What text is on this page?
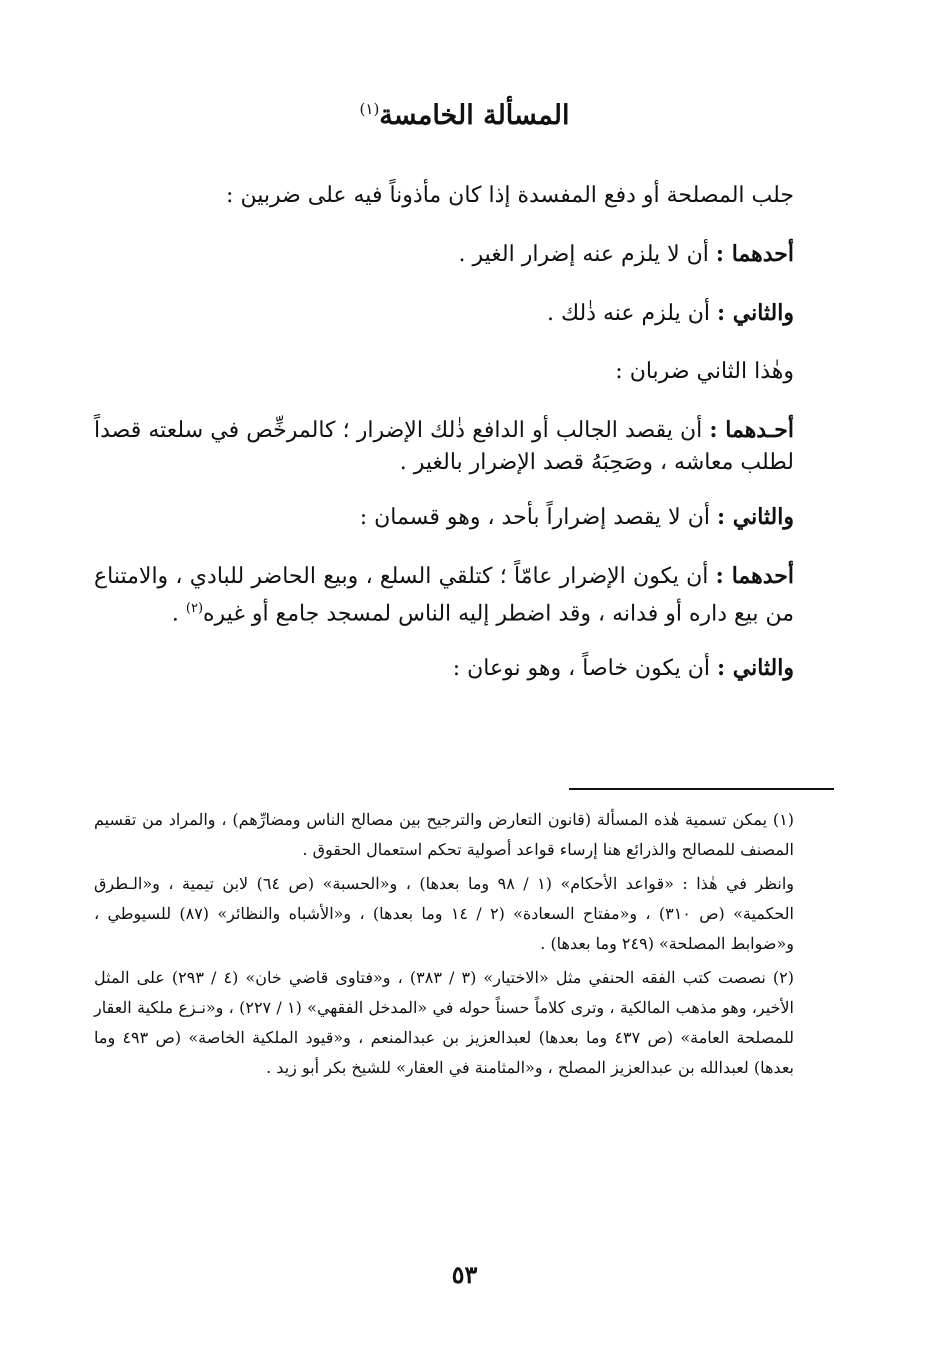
المسألة الخامسة$^{(١)}$

جلب المصلحة أو دفع المفسدة إذا كان مأذوناً فيه على ضربين :

أحدهما : أن لا يلزم عنه إضرار الغير .

والثاني : أن يلزم عنه ذٰلك .

وهٰذا الثاني ضربان :

أحـدهما : أن يقصد الجالب أو الدافع ذٰلك الإضرار ؛ كالمرخِّص في سلعته قصداً لطلب معاشه ، وصَحِبَهُ قصد الإضرار بالغير .

والثاني : أن لا يقصد إضراراً بأحد ، وهو قسمان :

أحدهما : أن يكون الإضرار عامّاً ؛ كتلقي السلع ، وبيع الحاضر للبادي ، والامتناع من بيع داره أو فدانه ، وقد اضطر إليه الناس لمسجد جامع أو غيره$^{(٢)}$ .

والثاني : أن يكون خاصاً ، وهو نوعان :

(١) يمكن تسمية هٰذه المسألة (قانون التعارض والترجيح بين مصالح الناس ومضارِّهم) ، والمراد من تقسيم المصنف للمصالح والذرائع هنا إرساء قواعد أصولية تحكم استعمال الحقوق .

وانظر في هٰذا : «قواعد الأحكام» (١ / ٩٨ وما بعدها) ، و«الحسبة» (ص ٦٤) لابن تيمية ، و«الـطرق الحكمية» (ص ٣١٠) ، و«مفتاح السعادة» (٢ / ١٤ وما بعدها) ، و«الأشباه والنظائر» (٨٧) للسيوطي ، و«ضوابط المصلحة» (٢٤٩ وما بعدها) .

(٢) نصصت كتب الفقه الحنفي مثل «الاختيار» (٣ / ٣٨٣) ، و«فتاوى قاضي خان» (٤ / ٢٩٣) على المثل الأخير، وهو مذهب المالكية ، وترى كلاماً حسناً حوله في «المدخل الفقهي» (١ / ٢٢٧) ، و«نـزع ملكية العقار للمصلحة العامة» (ص ٤٣٧ وما بعدها) لعبدالعزيز بن عبدالمنعم ، و«قيود الملكية الخاصة» (ص ٤٩٣ وما بعدها) لعبدالله بن عبدالعزيز المصلح ، و«المثامنة في العقار» للشيخ بكر أبو زيد .

٥٣
